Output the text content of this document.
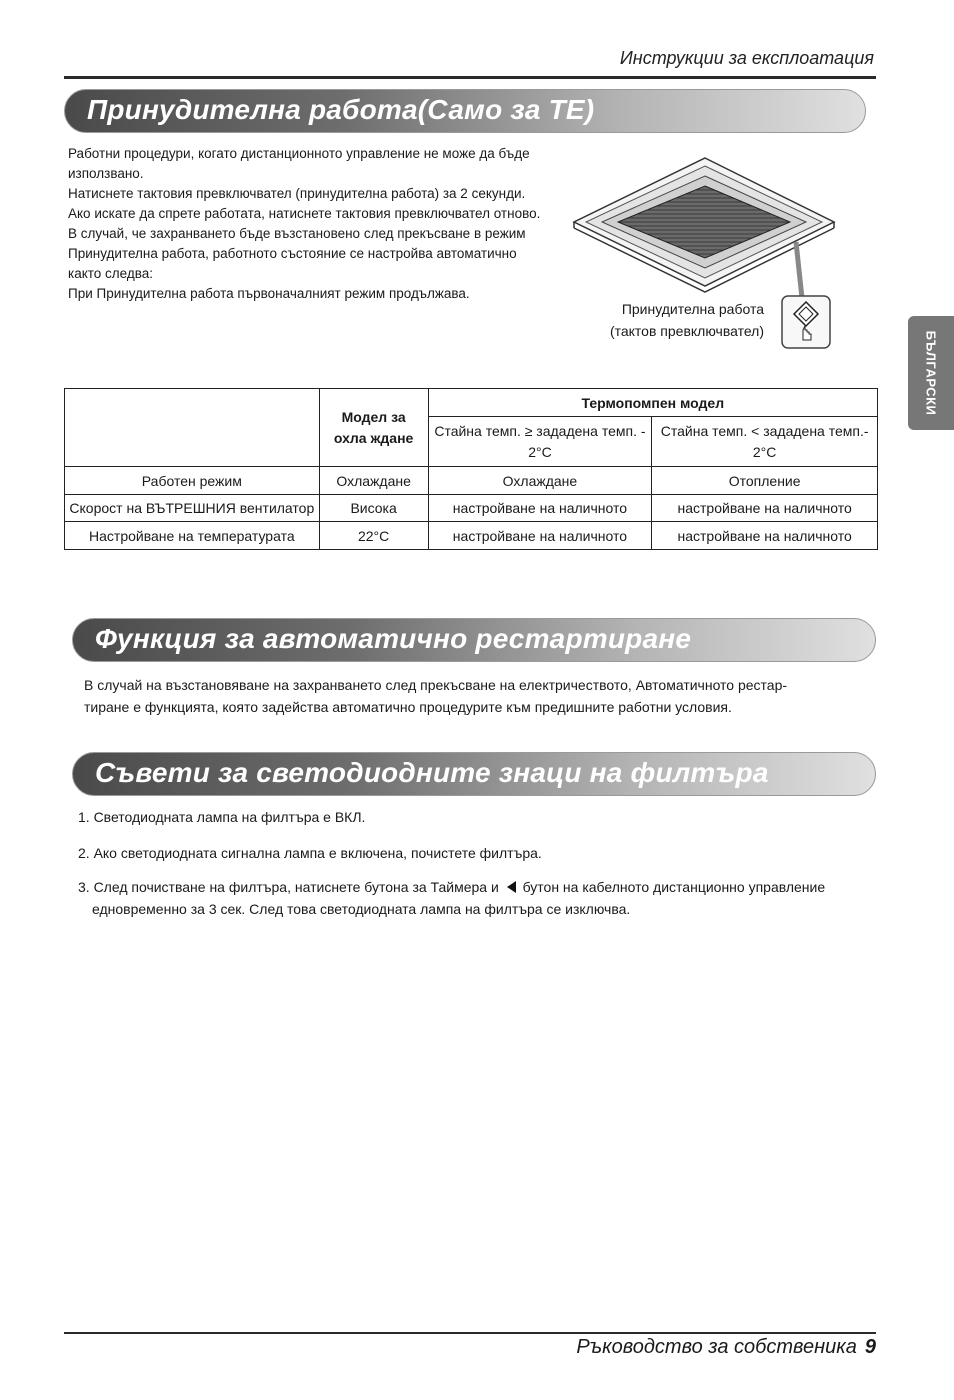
Инструкции за експлоатация
Принудителна работа(Само за TE)

Работни процедури, когато дистанционното управление не може да бъде

използвано.

Натиснете тактовия превключвател (принудителна работа) за 2 секунди.

Ако искате да спрете работата, натиснете тактовия превключвател отново.

В случай, че захранването бъде възстановено след прекъсване в режим

Принудителна работа, работното състояние се настройва автоматично

както следва:

При Принудителна работа първоначалният режим продължава.

Принудителна работа
(тактов превключвател)	БЪЛГАРСКИ
	Модел за охла ждане	Термопомпен модел	
		Стайна темп. ≥ зададена темп. - 2°C	Стайна темп. < зададена темп.- 2°C
Работен режим	Охлаждане	Охлаждане	Отопление
Скорост на ВЪТРЕШНИЯ вентилатор	Висока	настройване на наличното	настройване на наличното
Настройване на температурата	22°C	настройване на наличното	настройване на наличното
Функция за автоматично рестартиране

В случай на възстановяване на захранването след прекъсване на електричеството, Автоматичното рестар-

тиране е функцията, която задейства автоматично процедурите към предишните работни условия.

Съвети за светодиодните знаци на филтъра
1. Светодиодната лампа на филтъра е ВКЛ.
2. Ако светодиодната сигнална лампа е включена, почистете филтъра.
3. След почистване на филтъра, натиснете бутона за Таймера и бутон на кабелното дистанционно управление
едновременно за 3 сек. След това светодиодната лампа на филтъра се изключва.
Ръководство за собственика 9
